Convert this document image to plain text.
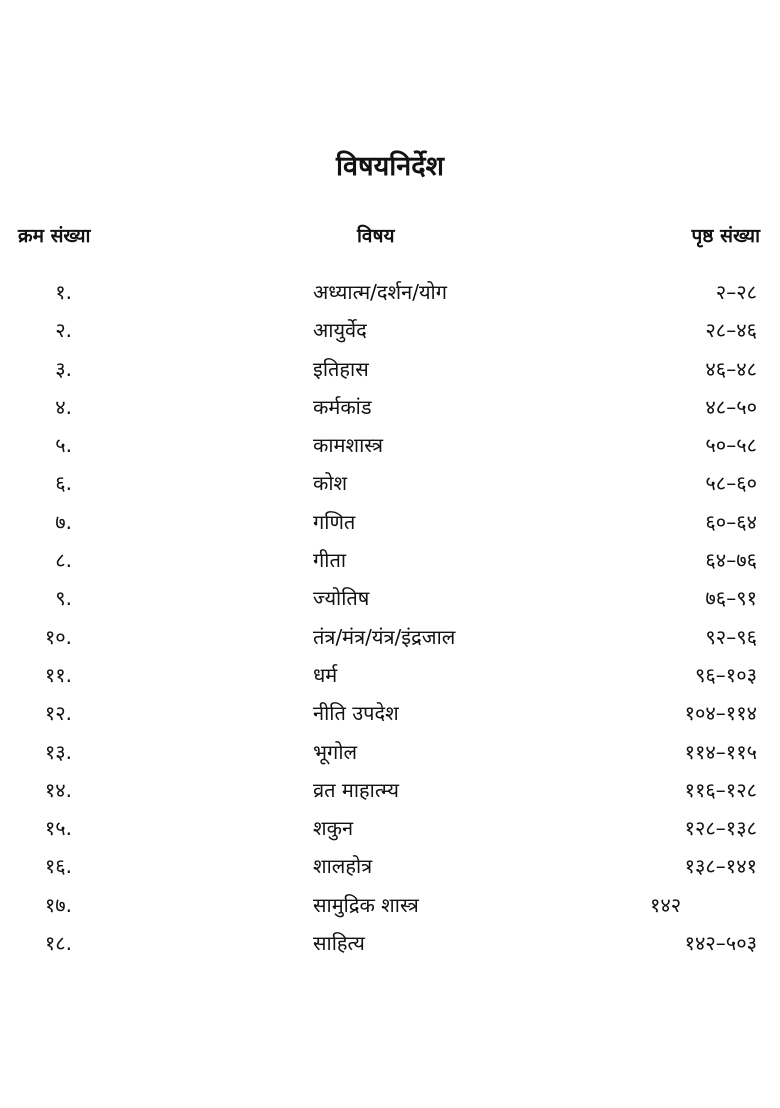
विषयनिर्देश
क्रम संख्या	विषय	पृष्ठ संख्या
१.	अध्यात्म/दर्शन/योग	२–२८
२.	आयुर्वेद	२८–४६
३.	इतिहास	४६–४८
४.	कर्मकांड	४८–५०
५.	कामशास्त्र	५०–५८
६.	कोश	५८–६०
७.	गणित	६०–६४
८.	गीता	६४–७६
९.	ज्योतिष	७६–९१
१०.	तंत्र/मंत्र/यंत्र/इंद्रजाल	९२–९६
११.	धर्म	९६–१०३
१२.	नीति उपदेश	१०४–११४
१३.	भूगोल	११४–११५
१४.	व्रत माहात्म्य	११६–१२८
१५.	शकुन	१२८–१३८
१६.	शालहोत्र	१३८–१४१
१७.	सामुद्रिक शास्त्र	१४२
१८.	साहित्य	१४२–५०३
